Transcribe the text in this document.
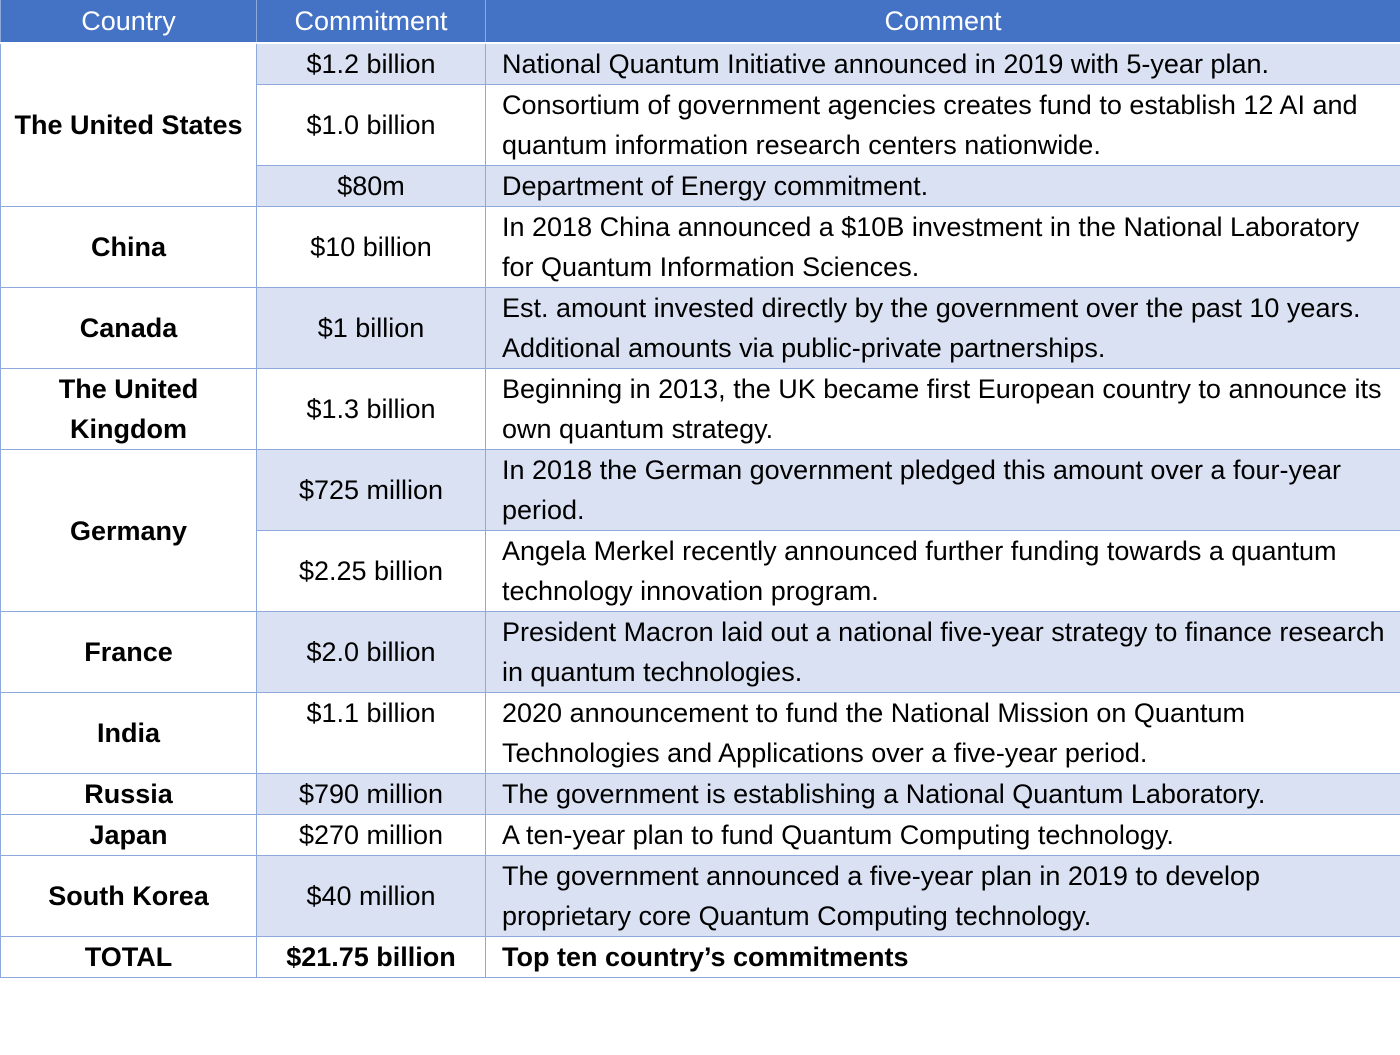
Country	Commitment	Comment
The United States	$1.2 billion	National Quantum Initiative announced in 2019 with 5-year plan.
	$1.0 billion	Consortium of government agencies creates fund to establish 12 AI and quantum information research centers nationwide.
	$80m	Department of Energy commitment.
China	$10 billion	In 2018 China announced a $10B investment in the National Laboratory for Quantum Information Sciences.
Canada	$1 billion	Est. amount invested directly by the government over the past 10 years. Additional amounts via public-private partnerships.
The United Kingdom	$1.3 billion	Beginning in 2013, the UK became first European country to announce its own quantum strategy.
Germany	$725 million	In 2018 the German government pledged this amount over a four-year period.
	$2.25 billion	Angela Merkel recently announced further funding towards a quantum technology innovation program.
France	$2.0 billion	President Macron laid out a national five-year strategy to finance research in quantum technologies.
India	$1.1 billion	2020 announcement to fund the National Mission on Quantum Technologies and Applications over a five-year period.
Russia	$790 million	The government is establishing a National Quantum Laboratory.
Japan	$270 million	A ten-year plan to fund Quantum Computing technology.
South Korea	$40 million	The government announced a five-year plan in 2019 to develop proprietary core Quantum Computing technology.
TOTAL	$21.75 billion	Top ten country’s commitments
